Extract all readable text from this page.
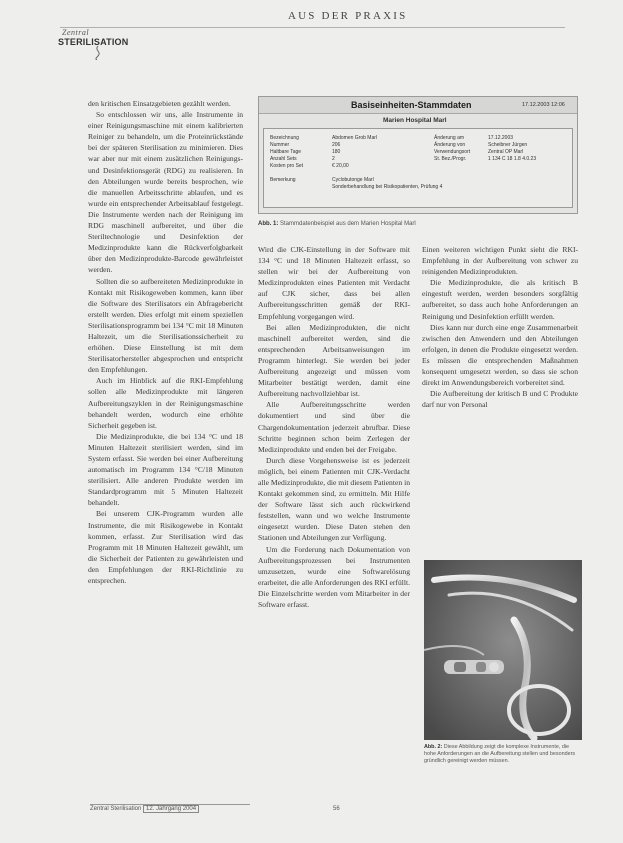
AUS DER PRAXIS
Zentral
STERILISATION

den kritischen Einsatzgebieten gezählt werden.

So entschlossen wir uns, alle Instrumente in einer Reinigungsmaschine mit einem kalibrierten Reiniger zu behandeln, um die Proteinrückstände bei der späteren Sterilisation zu minimieren. Dies war aber nur mit einem zusätzlichen Reinigungs- und Desinfektionsgerät (RDG) zu realisieren. In den Abteilungen wurde bereits besprochen, wie die manuellen Arbeitsschritte ablaufen, und es wurde ein entsprechender Arbeitsablauf festgelegt. Die Instrumente werden nach der Reinigung im RDG maschinell aufbereitet, und über die Steriltechnologie und Desinfektion der Medizinprodukte kann die Rückverfolgbarkeit über den Medizinprodukte-Barcode gewährleistet werden.

Sollten die so aufbereiteten Medizinprodukte in Kontakt mit Risikogeweben kommen, kann über die Software des Sterilisators ein Abfragebericht erstellt werden. Dies erfolgt mit einem speziellen Sterilisationsprogramm bei 134 °C mit 18 Minuten Haltezeit, um die Sterilisationssicherheit zu erhöhen. Diese Einstellung ist mit dem Sterilisatorhersteller abgesprochen und entspricht den Empfehlungen.

Auch im Hinblick auf die RKI-Empfehlung sollen alle Medizinprodukte mit längeren Aufbereitungszyklen in der Reinigungsmaschine behandelt werden, wodurch eine erhöhte Sicherheit gegeben ist.

Die Medizinprodukte, die bei 134 °C und 18 Minuten Haltezeit sterilisiert werden, sind im System erfasst. Sie werden bei einer Aufbereitung automatisch im Programm 134 °C/18 Minuten sterilisiert. Alle anderen Produkte werden im Standardprogramm mit 5 Minuten Haltezeit behandelt.

Bei unserem CJK-Programm wurden alle Instrumente, die mit Risikogewebe in Kontakt kommen, erfasst. Zur Sterilisation wird das Programm mit 18 Minuten Haltezeit gewählt, um die Sicherheit der Patienten zu gewährleisten und den Empfehlungen der RKI-Richtlinie zu entsprechen.

Basiseinheiten-Stammdaten	17.12.2003 12:06
Marien Hospital Marl
Bezeichnung	Abdomen Grob Marl
Nummer	206
Haltbare Tage	180
Anzahl Sets	2
Kosten pro Set	€ 20,00
Änderung am	17.12.2003
Änderung von	Scheibner Jürgen
Verwendungsort	Zentral OP Marl
St. Bez./Progr.	1 134 C 18 1.8 4.0.23
Bemerkung	Cyclobutonge Marl
Sonderbehandlung bei Risikopatienten, Prüfung 4
Abb. 1: Stammdatenbeispiel aus dem Marien Hospital Marl

Wird die CJK-Einstellung in der Software mit 134 °C und 18 Minuten Haltezeit erfasst, so stellen wir bei der Aufbereitung von Medizinprodukten eines Patienten mit Verdacht auf CJK sicher, dass bei allen Aufbereitungsschritten gemäß der RKI-Empfehlung vorgegangen wird.

Bei allen Medizinprodukten, die nicht maschinell aufbereitet werden, sind die entsprechenden Arbeitsanweisungen im Programm hinterlegt. Sie werden bei jeder Aufbereitung angezeigt und müssen vom Mitarbeiter bestätigt werden, damit eine Aufbereitung nachvollziehbar ist.

Alle Aufbereitungsschritte werden dokumentiert und sind über die Chargendokumentation jederzeit abrufbar. Diese Schritte beginnen schon beim Zerlegen der Medizinprodukte und enden bei der Freigabe.

Durch diese Vorgehensweise ist es jederzeit möglich, bei einem Patienten mit CJK-Verdacht alle Medizinprodukte, die mit diesem Patienten in Kontakt gekommen sind, zu ermitteln. Mit Hilfe der Software lässt sich auch rückwirkend feststellen, wann und wo welche Instrumente eingesetzt wurden. Diese Daten stehen den Stationen und Abteilungen zur Verfügung.

Um die Forderung nach Dokumentation von Aufbereitungsprozessen bei Instrumenten umzusetzen, wurde eine Softwarelösung erarbeitet, die alle Anforderungen des RKI erfüllt. Die Einzelschritte werden vom Mitarbeiter in der Software erfasst.

Einen weiteren wichtigen Punkt sieht die RKI-Empfehlung in der Aufbereitung von schwer zu reinigenden Medizinprodukten.

Die Medizinprodukte, die als kritisch B eingestuft werden, werden besonders sorgfältig aufbereitet, so dass auch hohe Anforderungen an Reinigung und Desinfektion erfüllt werden.

Dies kann nur durch eine enge Zusammenarbeit zwischen den Anwendern und den Abteilungen erfolgen, in denen die Produkte eingesetzt werden. Es müssen die entsprechenden Maßnahmen konsequent umgesetzt werden, so dass sie schon direkt im Anwendungsbereich vorbereitet sind.

Die Aufbereitung der kritisch B und C Produkte darf nur von Personal

Abb. 2: Diese Abbildung zeigt die komplexe Instrumente, die hohe Anforderungen an die Aufbereitung stellen und besonders gründlich gereinigt werden müssen.
Zentral Sterilisation 12. Jahrgang 2004	56
